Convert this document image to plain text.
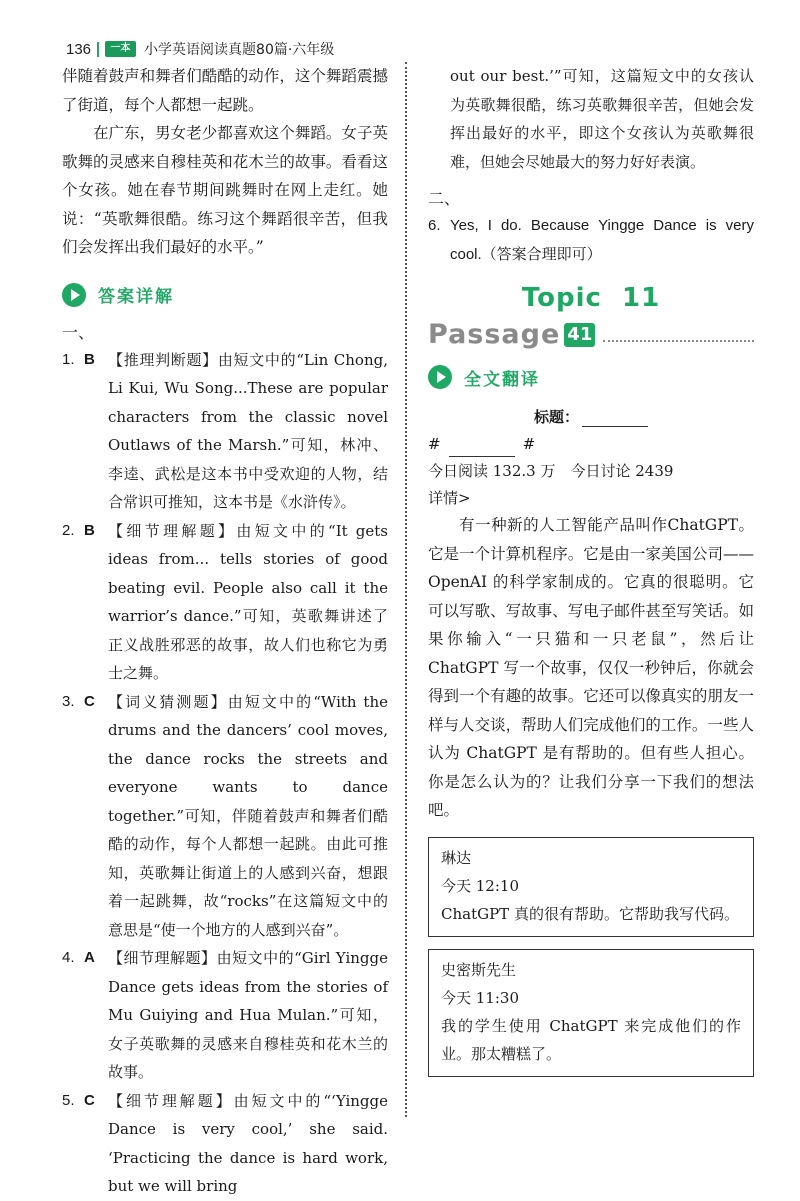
136	一本 小学英语阅读真题80篇·六年级

伴随着鼓声和舞者们酷酷的动作，这个舞蹈震撼了街道，每个人都想一起跳。

在广东，男女老少都喜欢这个舞蹈。女子英歌舞的灵感来自穆桂英和花木兰的故事。看看这个女孩。她在春节期间跳舞时在网上走红。她说：“英歌舞很酷。练习这个舞蹈很辛苦，但我们会发挥出我们最好的水平。”

答案详解
一、
1. B 【推理判断题】由短文中的“Lin Chong, Li Kui, Wu Song...These are popular characters from the classic novel Outlaws of the Marsh.”可知，林冲、李逵、武松是这本书中受欢迎的人物，结合常识可推知，这本书是《水浒传》。
2. B 【细节理解题】由短文中的“It gets ideas from... tells stories of good beating evil. People also call it the warrior’s dance.”可知，英歌舞讲述了正义战胜邪恶的故事，故人们也称它为勇士之舞。
3. C 【词义猜测题】由短文中的“With the drums and the dancers’ cool moves, the dance rocks the streets and everyone wants to dance together.”可知，伴随着鼓声和舞者们酷酷的动作，每个人都想一起跳。由此可推知，英歌舞让街道上的人感到兴奋，想跟着一起跳舞，故“rocks”在这篇短文中的意思是“使一个地方的人感到兴奋”。
4. A 【细节理解题】由短文中的“Girl Yingge Dance gets ideas from the stories of Mu Guiying and Hua Mulan.”可知，女子英歌舞的灵感来自穆桂英和花木兰的故事。
5. C 【细节理解题】由短文中的“‘Yingge Dance is very cool,’ she said. ‘Practicing the dance is hard work, but we will bring
out our best.’”可知，这篇短文中的女孩认为英歌舞很酷，练习英歌舞很辛苦，但她会发挥出最好的水平，即这个女孩认为英歌舞很难，但她会尽她最大的努力好好表演。
二、
6. Yes, I do. Because Yingge Dance is very cool.（答案合理即可）
Topic  11
Passage 41
全文翻译
标题：
#	#

今日阅读 132.3 万　今日讨论 2439

详情>

有一种新的人工智能产品叫作ChatGPT。它是一个计算机程序。它是由一家美国公司——OpenAI 的科学家制成的。它真的很聪明。它可以写歌、写故事、写电子邮件甚至写笑话。如果你输入“一只猫和一只老鼠”，然后让 ChatGPT 写一个故事，仅仅一秒钟后，你就会得到一个有趣的故事。它还可以像真实的朋友一样与人交谈，帮助人们完成他们的工作。一些人认为 ChatGPT 是有帮助的。但有些人担心。你是怎么认为的？让我们分享一下我们的想法吧。

琳达

今天 12:10

ChatGPT 真的很有帮助。它帮助我写代码。

史密斯先生

今天 11:30

我的学生使用 ChatGPT 来完成他们的作业。那太糟糕了。
